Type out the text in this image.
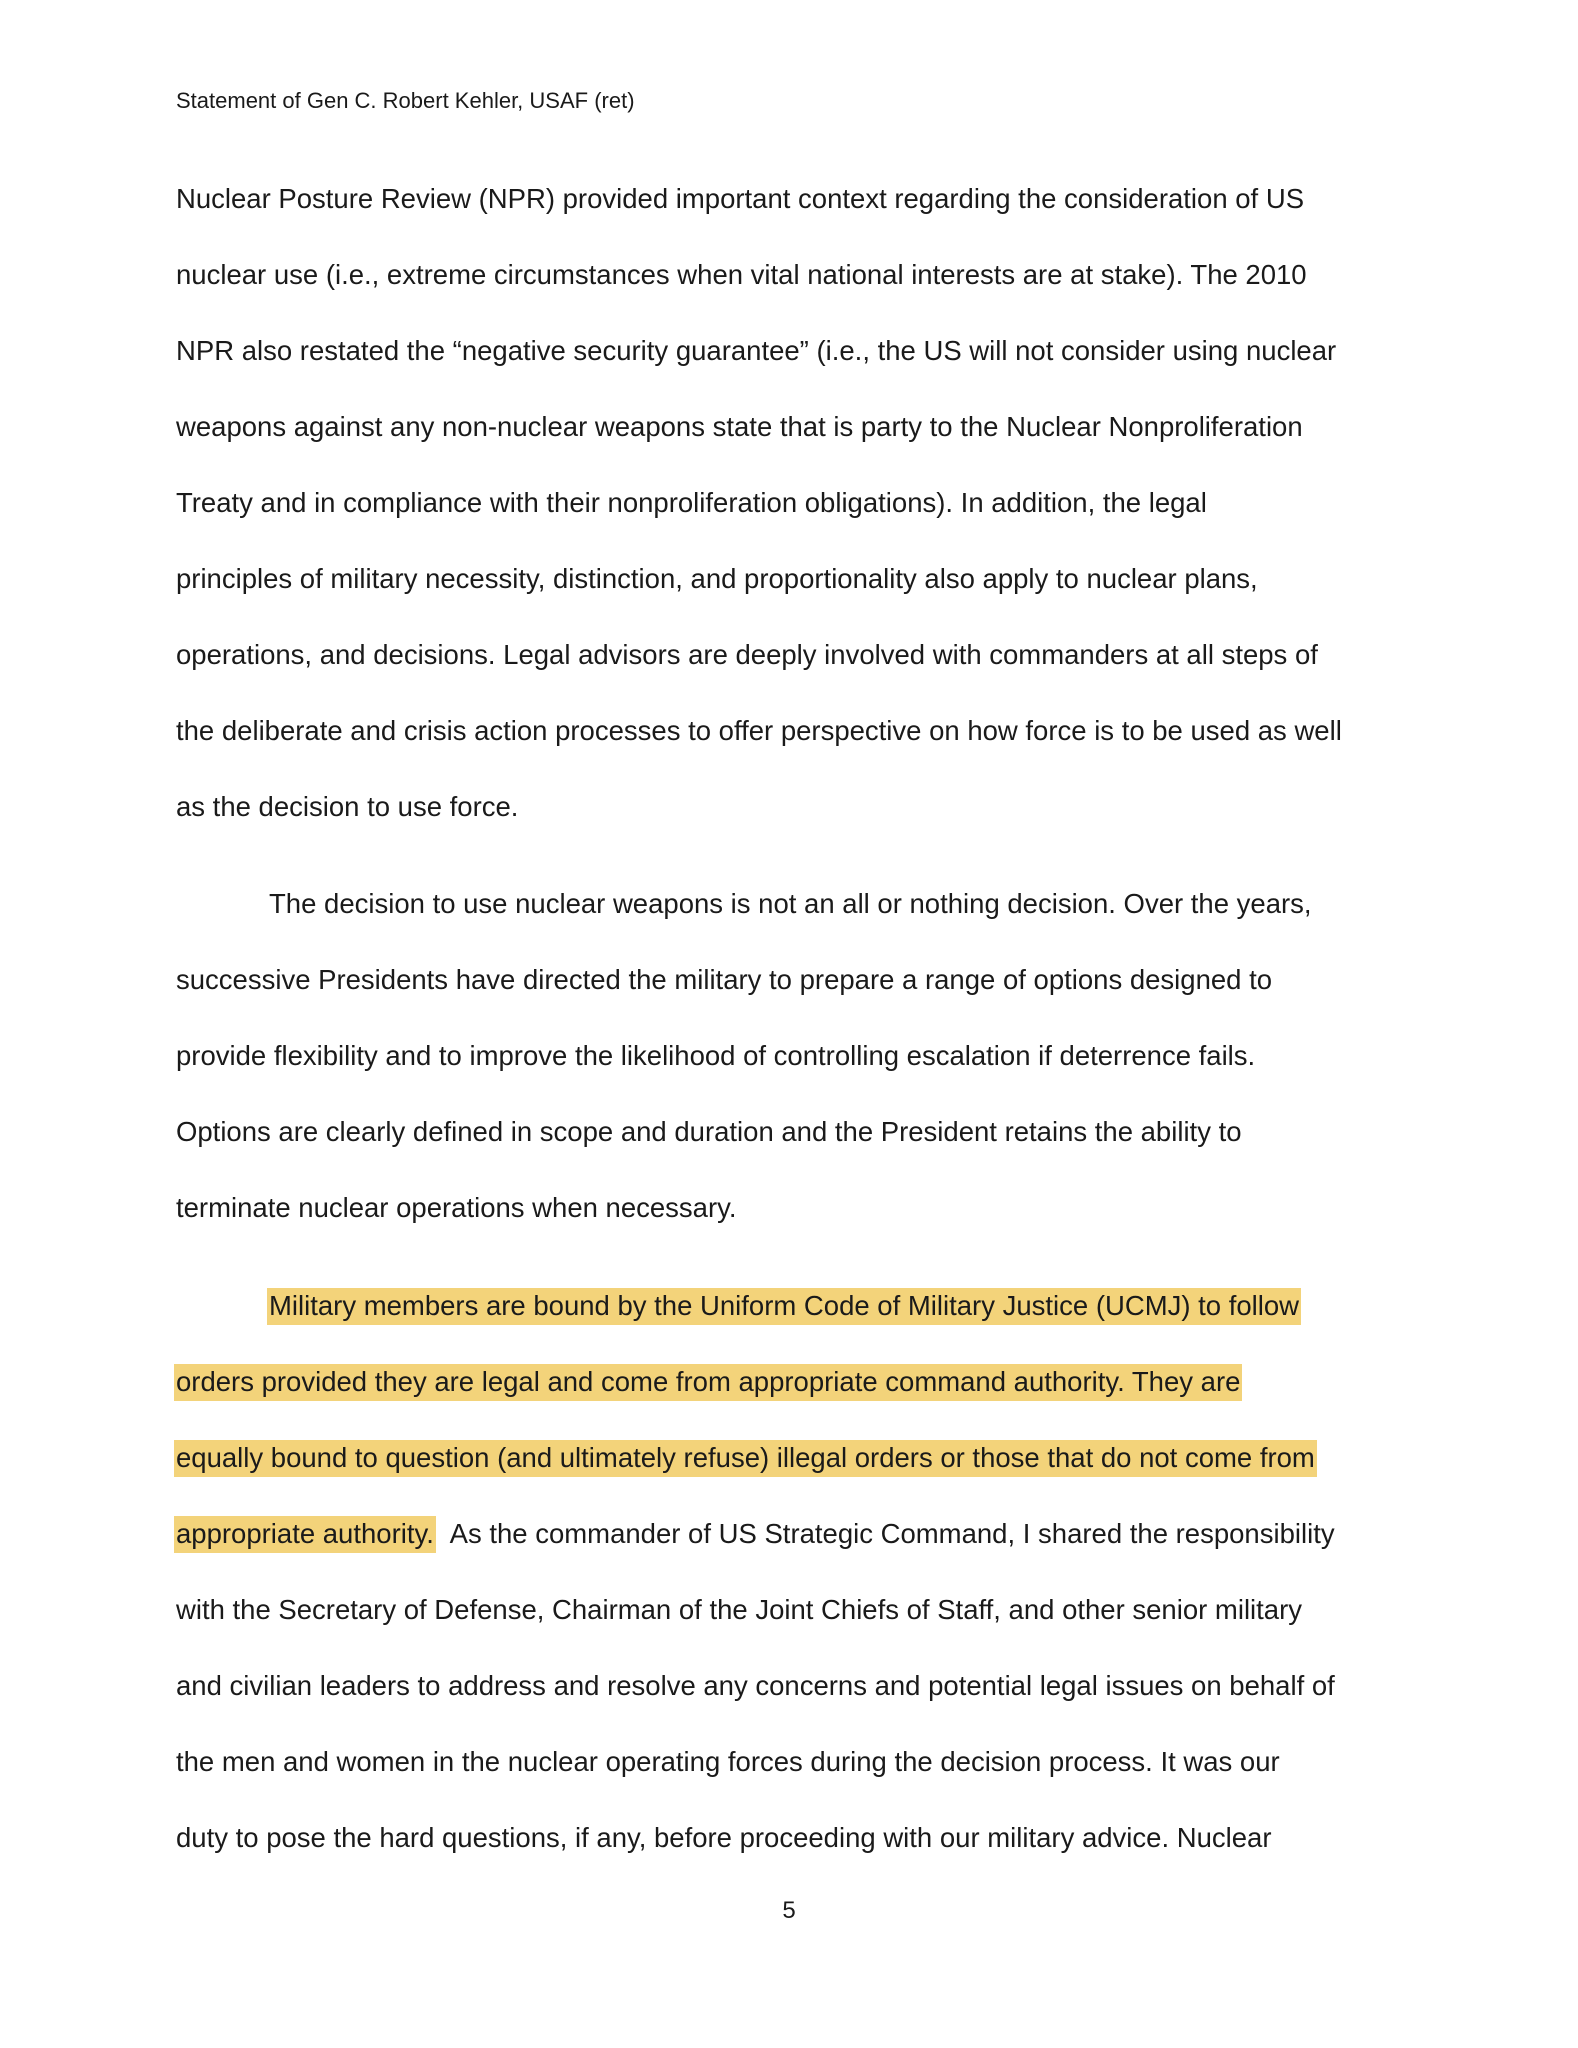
Statement of Gen C. Robert Kehler, USAF (ret)
Nuclear Posture Review (NPR) provided important context regarding the consideration of US
nuclear use (i.e., extreme circumstances when vital national interests are at stake). The 2010
NPR also restated the “negative security guarantee” (i.e., the US will not consider using nuclear
weapons against any non-nuclear weapons state that is party to the Nuclear Nonproliferation
Treaty and in compliance with their nonproliferation obligations). In addition, the legal
principles of military necessity, distinction, and proportionality also apply to nuclear plans,
operations, and decisions. Legal advisors are deeply involved with commanders at all steps of
the deliberate and crisis action processes to offer perspective on how force is to be used as well
as the decision to use force.
The decision to use nuclear weapons is not an all or nothing decision. Over the years,
successive Presidents have directed the military to prepare a range of options designed to
provide flexibility and to improve the likelihood of controlling escalation if deterrence fails.
Options are clearly defined in scope and duration and the President retains the ability to
terminate nuclear operations when necessary.
Military members are bound by the Uniform Code of Military Justice (UCMJ) to follow
orders provided they are legal and come from appropriate command authority. They are
equally bound to question (and ultimately refuse) illegal orders or those that do not come from
appropriate authority.  As the commander of US Strategic Command, I shared the responsibility
with the Secretary of Defense, Chairman of the Joint Chiefs of Staff, and other senior military
and civilian leaders to address and resolve any concerns and potential legal issues on behalf of
the men and women in the nuclear operating forces during the decision process. It was our
duty to pose the hard questions, if any, before proceeding with our military advice. Nuclear
5
